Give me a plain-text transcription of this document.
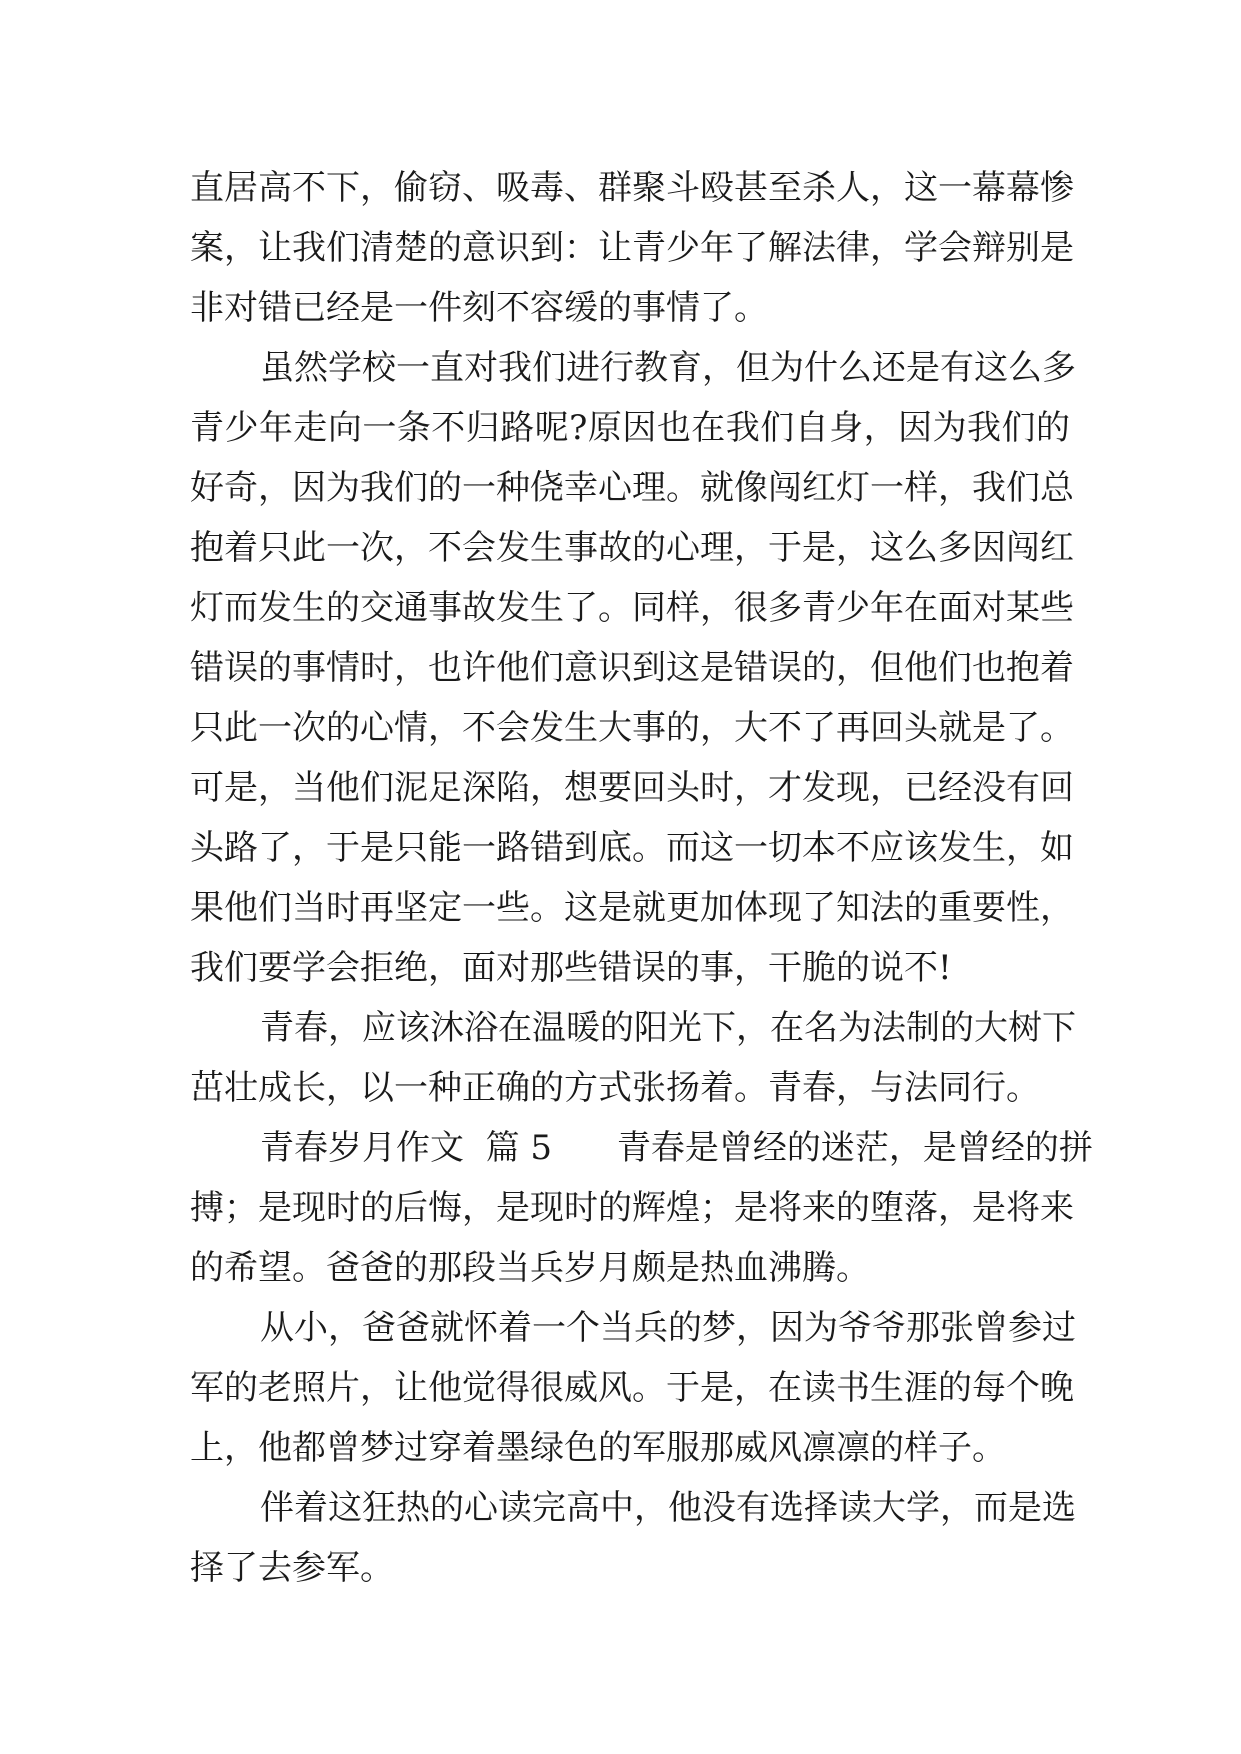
直居高不下，偷窃、吸毒、群聚斗殴甚至杀人，这一幕幕惨
案，让我们清楚的意识到：让青少年了解法律，学会辩别是
非对错已经是一件刻不容缓的事情了。
虽然学校一直对我们进行教育，但为什么还是有这么多
青少年走向一条不归路呢?原因也在我们自身，因为我们的
好奇，因为我们的一种侥幸心理。就像闯红灯一样，我们总
抱着只此一次，不会发生事故的心理，于是，这么多因闯红
灯而发生的交通事故发生了。同样，很多青少年在面对某些
错误的事情时，也许他们意识到这是错误的，但他们也抱着
只此一次的心情，不会发生大事的，大不了再回头就是了。
可是，当他们泥足深陷，想要回头时，才发现，已经没有回
头路了，于是只能一路错到底。而这一切本不应该发生，如
果他们当时再坚定一些。这是就更加体现了知法的重要性，
我们要学会拒绝，面对那些错误的事，干脆的说不!
青春，应该沐浴在温暖的阳光下，在名为法制的大树下
茁壮成长，以一种正确的方式张扬着。青春，与法同行。
青春岁月作文  篇 5      青春是曾经的迷茫，是曾经的拼
搏；是现时的后悔，是现时的辉煌；是将来的堕落，是将来
的希望。爸爸的那段当兵岁月颇是热血沸腾。
从小，爸爸就怀着一个当兵的梦，因为爷爷那张曾参过
军的老照片，让他觉得很威风。于是，在读书生涯的每个晚
上，他都曾梦过穿着墨绿色的军服那威风凛凛的样子。
伴着这狂热的心读完高中，他没有选择读大学，而是选
择了去参军。
